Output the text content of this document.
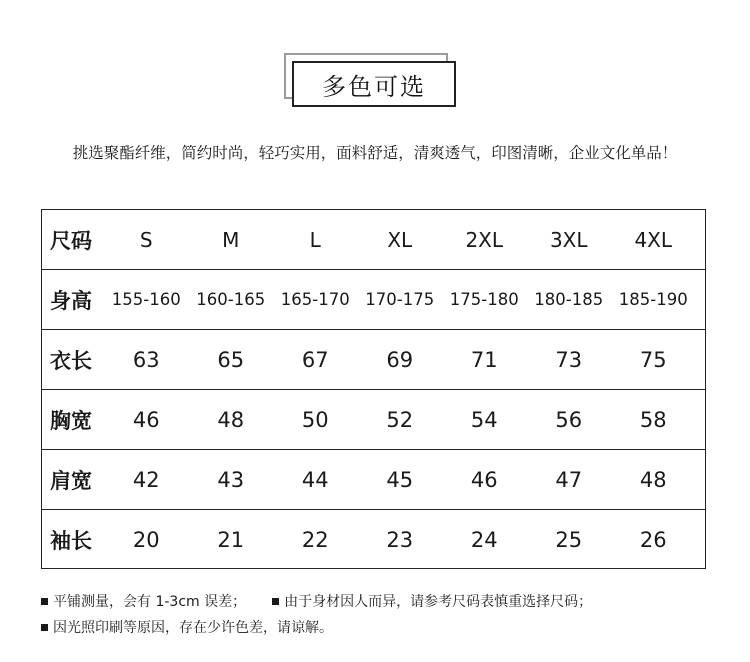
多色可选
挑选聚酯纤维，简约时尚，轻巧实用，面料舒适，清爽透气，印图清晰，企业文化单品！
尺码	S	M	L	XL	2XL	3XL	4XL
身高	155-160 160-165 165-170 170-175 175-180 180-185 185-190
衣长	63	65	67	69	71	73	75
胸宽	46	48	50	52	54	56	58
肩宽	42	43	44	45	46	47	48
袖长	20	21	22	23	24	25	26
平铺测量，会有 1-3cm 误差；	由于身材因人而异，请参考尺码表慎重选择尺码；
因光照印刷等原因，存在少许色差，请谅解。
